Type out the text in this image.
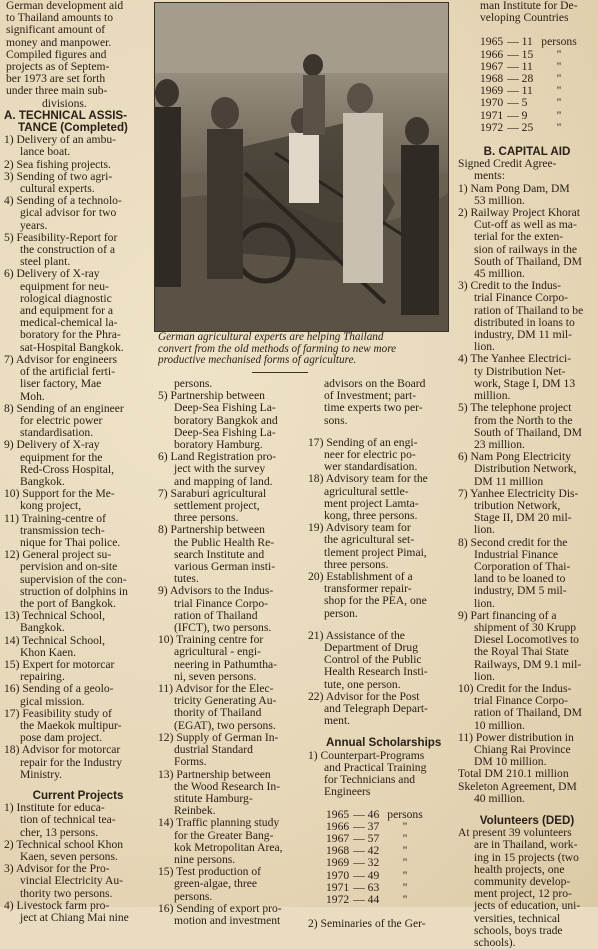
German development aid
to Thailand amounts to
significant amount of
money and manpower.
Compiled figures and
projects as of Septem-
ber 1973 are set forth
under three main sub-
divisions.
A. TECHNICAL ASSIS-
TANCE (Completed)
1) Delivery of an ambu-
lance boat.
2) Sea fishing projects.
3) Sending of two agri-
cultural experts.
4) Sending of a technolo-
gical advisor for two
years.
5) Feasibility-Report for
the construction of a
steel plant.
6) Delivery of X-ray
equipment for neu-
rological diagnostic
and equipment for a
medical-chemical la-
boratory for the Phra-
sat-Hospital Bangkok.
7) Advisor for engineers
of the artificial ferti-
liser factory, Mae
Moh.
8) Sending of an engineer
for electric power
standardisation.
9) Delivery of X-ray
equipment for the
Red-Cross Hospital,
Bangkok.
10) Support for the Me-
kong project,
11) Training-centre of
transmission tech-
nique for Thai police.
12) General project su-
pervision and on-site
supervision of the con-
struction of dolphins in
the port of Bangkok.
13) Technical School,
Bangkok.
14) Technical School,
Khon Kaen.
15) Expert for motorcar
repairing.
16) Sending of a geolo-
gical mission.
17) Feasibility study of
the Maekok multipur-
pose dam project.
18) Advisor for motorcar
repair for the Industry
Ministry.
Current Projects
1) Institute for educa-
tion of technical tea-
cher, 13 persons.
2) Technical school Khon
Kaen, seven persons.
3) Advisor for the Pro-
vincial Electricity Au-
thority two persons.
4) Livestock farm pro-
ject at Chiang Mai nine
German agricultural experts are helping Thailand
convert from the old methods of farming to new more
productive mechanised forms of agriculture.
persons.
5) Partnership between
Deep-Sea Fishing La-
boratory Bangkok and
Deep-Sea Fishing La-
boratory Hamburg.
6) Land Registration pro-
ject with the survey
and mapping of land.
7) Saraburi agricultural
settlement project,
three persons.
8) Partnership between
the Public Health Re-
search Institute and
various German insti-
tutes.
9) Advisors to the Indus-
trial Finance Corpo-
ration of Thailand
(IFCT), two persons.
10) Training centre for
agricultural - engi-
neering in Pathumtha-
ni, seven persons.
11) Advisor for the Elec-
tricity Generating Au-
thority of Thailand
(EGAT), two persons.
12) Supply of German In-
dustrial Standard
Forms.
13) Partnership between
the Wood Research In-
stitute Hamburg-
Reinbek.
14) Traffic planning study
for the Greater Bang-
kok Metropolitan Area,
nine persons.
15) Test production of
green-algae, three
persons.
16) Sending of export pro-
motion and investment
advisors on the Board
of Investment; part-
time experts two per-
sons.
17) Sending of an engi-
neer for electric po-
wer standardisation.
18) Advisory team for the
agricultural settle-
ment project Lamta-
kong, three persons.
19) Advisory team for
the agricultural set-
tlement project Pimai,
three persons.
20) Establishment of a
transformer repair-
shop for the PEA, one
person.
21) Assistance of the
Department of Drug
Control of the Public
Health Research Insti-
tute, one person.
22) Advisor for the Post
and Telegraph Depart-
ment.
Annual Scholarships
1) Counterpart-Programs
and Practical Training
for Technicians and
Engineers
1965	— 46	persons
1966	— 37	"
1967	— 57	"
1968	— 42	"
1969	— 32	"
1970	— 49	"
1971	— 63	"
1972	— 44	"
2) Seminaries of the Ger-
man Institute for De-
veloping Countries
1965	— 11	persons
1966	— 15	"
1967	— 11	"
1968	— 28	"
1969	— 11	"
1970	— 5	"
1971	— 9	"
1972	— 25	"
B. CAPITAL AID
Signed Credit Agree-
ments:
1) Nam Pong Dam, DM
53 million.
2) Railway Project Khorat
Cut-off as well as ma-
terial for the exten-
sion of railways in the
South of Thailand, DM
45 million.
3) Credit to the Indus-
trial Finance Corpo-
ration of Thailand to be
distributed in loans to
industry, DM 11 mil-
lion.
4) The Yanhee Electrici-
ty Distribution Net-
work, Stage I, DM 13
million.
5) The telephone project
from the North to the
South of Thailand, DM
23 million.
6) Nam Pong Electricity
Distribution Network,
DM 11 million
7) Yanhee Electricity Dis-
tribution Network,
Stage II, DM 20 mil-
lion.
8) Second credit for the
Industrial Finance
Corporation of Thai-
land to be loaned to
industry, DM 5 mil-
lion.
9) Part financing of a
shipment of 30 Krupp
Diesel Locomotives to
the Royal Thai State
Railways, DM 9.1 mil-
lion.
10) Credit for the Indus-
trial Finance Corpo-
ration of Thailand, DM
10 million.
11) Power distribution in
Chiang Rai Province
DM 10 million.
Total DM 210.1 million
Skeleton Agreement, DM
40 million.
Volunteers (DED)
At present 39 volunteers
are in Thailand, work-
ing in 15 projects (two
health projects, one
community develop-
ment project, 12 pro-
jects of education, uni-
versities, technical
schools, boys trade
schools).
